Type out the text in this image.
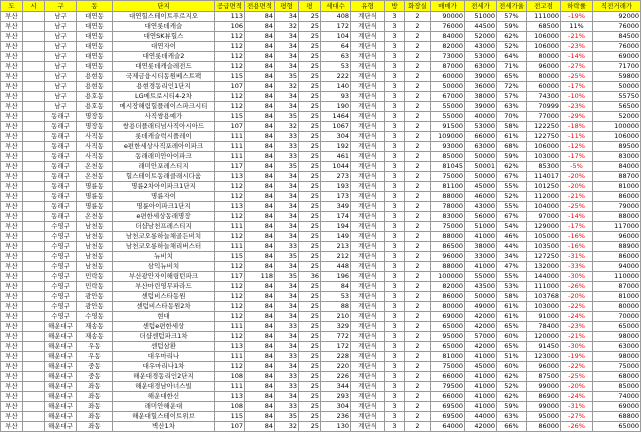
도	시	구	동	단지	공급면적	전용면적	평형	평	세대수	유형	방	화장실	매매가	전세가	전세가율	전고점	하락률	직전거래가
부산		남구	대연동	대연힐스테이트푸르지오	113	84	34	25	408	계단식	3	2	90000	51000	57%	111000	-19%	92000
부산		남구	대연동	대연롯데캐슬	106	84	32	25	172	계단식	3	2	76000	44500	59%	68500	11%	76000
부산		남구	대연동	대연SK뷰힐스	112	84	34	25	104	계단식	3	2	84000	52000	62%	106000	-21%	84500
부산		남구	대연동	대연자이	112	84	34	25	64	계단식	3	2	82000	43000	52%	106000	-23%	76000
부산		남구	대연동	대연롯데캐슬2	112	84	34	25	63	계단식	3	2	73000	53000	64%	80000	-14%	69000
부산		남구	대연동	대연롯데캐슬레전드	112	84	34	25	53	계단식	3	2	87000	63000	71%	96000	-27%	71700
부산		남구	용현동	국제금융시티동원베스트팩	115	84	35	25	222	계단식	3	2	60000	39000	65%	80000	-25%	59800
부산		남구	용현동	용현경동리인1단지	107	84	32	25	140	계단식	3	2	50000	36000	72%	60000	-17%	50000
부산		남구	용호동	LG메트로시티4-2차	112	84	34	25	93	계단식	3	2	67000	38000	57%	74300	-10%	55750
부산		남구	용호동	메시장해림힐플레이스파크시티	112	84	34	25	190	계단식	3	2	55000	39000	63%	70999	-23%	56500
부산		동래구	명장동	사직쌍용예가	115	84	35	25	1464	계단식	3	2	55000	40000	70%	77000	-29%	52000
부산		동래구	명장동	쌍용더플래티넘사직아시아드	107	84	32	25	1067	계단식	3	2	91500	53000	58%	122250	-18%	100000
부산		동래구	사직동	롯데캐슬럭시플레이	111	84	33	25	304	계단식	3	2	109000	66000	61%	122750	-11%	106000
부산		동래구	사직동	e편한세상사직포레아이파크	111	84	33	25	192	계단식	3	2	93000	63000	68%	106000	-12%	89500
부산		동래구	사직동	동래래미안아이파크	111	84	33	25	461	계단식	3	2	85000	50000	59%	103000	-17%	83000
부산		동래구	온천동	래미안포레스티지	117	84	35	25	1044	계단식	3	2	81045	50001	62%	85300	-5%	84000
부산		동래구	온천동	힐스테이트동래클래시다움	113	84	34	25	273	계단식	3	2	75000	50000	67%	114017	-20%	88700
부산		동래구	명륜동	명륜2차아이파크1단지	112	84	34	25	193	계단식	3	2	81100	45000	55%	101250	-20%	81000
부산		동래구	명륜동	명륜자이	112	84	34	25	173	계단식	3	2	88000	46000	52%	112000	-21%	86000
부산		동래구	명륜동	명륜아이파크1단지	113	84	34	25	349	계단식	3	2	78000	43000	55%	104000	-25%	79000
부산		동래구	온천동	e편한세상동래명장	112	84	34	25	174	계단식	3	2	83000	56000	67%	97000	-14%	88000
부산		수영구	남천동	더샵남천프레스티지	111	84	34	25	194	계단식	3	2	75000	51000	54%	129000	-17%	117000
부산		수영구	남천동	남천코오롱하늘채골든비치	112	84	34	25	149	계단식	3	2	88000	41000	46%	105000	-16%	96000
부산		수영구	남천동	남천코오롱하늘채리버스터	111	84	33	25	213	계단식	3	2	86500	38000	44%	103500	-16%	88900
부산		수영구	남천동	뉴비치	115	84	35	25	212	계단식	3	2	96000	33000	34%	127250	-31%	86000
부산		수영구	남천동	삼익뉴비치	112	84	34	25	448	계단식	3	2	88000	41000	47%	132000	-33%	94000
부산		수영구	민락동	부산광안자이해링턴파크	117	118	35	36	196	계단식	3	2	100000	55000	55%	144000	-30%	110000
부산		수영구	민락동	부산마린영무파라드	112	84	34	25	84	계단식	3	2	82000	43500	53%	111000	-26%	87000
부산		수영구	광안동	센텀비스타동원	112	84	34	25	53	계단식	3	2	86000	50000	58%	103768	-20%	81000
부산		수영구	광안동	센텀비스타동원2차	112	84	34	25	88	계단식	3	2	80000	49000	61%	103000	-22%	80000
부산		수영구	수영동	현대	112	84	34	25	210	계단식	3	2	69000	42000	61%	91000	-24%	70000
부산		해운대구	재송동	센텀e편한세상	111	84	33	25	329	계단식	3	2	65000	42000	65%	78400	-23%	65000
부산		해운대구	재송동	더샵센텀파크1차	112	84	34	25	772	계단식	3	2	95000	57000	60%	120000	-21%	98000
부산		해운대구	우동	센텀삼환	113	84	34	25	172	계단식	3	2	65000	42000	65%	91450	-30%	63000
부산		해운대구	우동	대우마리나	111	84	33	25	228	계단식	3	2	81000	41000	51%	123000	-19%	98000
부산		해운대구	중동	대우마리나1차	112	84	34	25	220	계단식	3	2	75000	45000	60%	96000	-22%	75000
부산		해운대구	중동	해운대경동리인2단지	108	84	33	25	226	계단식	3	2	66000	41000	62%	87500	-25%	68000
부산		해운대구	좌동	해운대경남아너스빌	111	84	33	25	344	계단식	3	2	79500	41000	52%	99000	-20%	85000
부산		해운대구	좌동	해운대한신	113	84	34	25	293	계단식	3	2	66000	41000	62%	86900	-24%	74000
부산		해운대구	좌동	래미안해운대	108	84	33	25	304	계단식	3	2	69500	41000	59%	99000	-31%	69000
부산		해운대구	좌동	해운대힐스테이트위브	115	84	35	25	236	계단식	3	2	69500	44000	63%	95000	-27%	68800
부산		해운대구	좌동	벽산1차	107	84	32	25	130	계단식	3	2	64000	42000	66%	86000	-26%	65000
